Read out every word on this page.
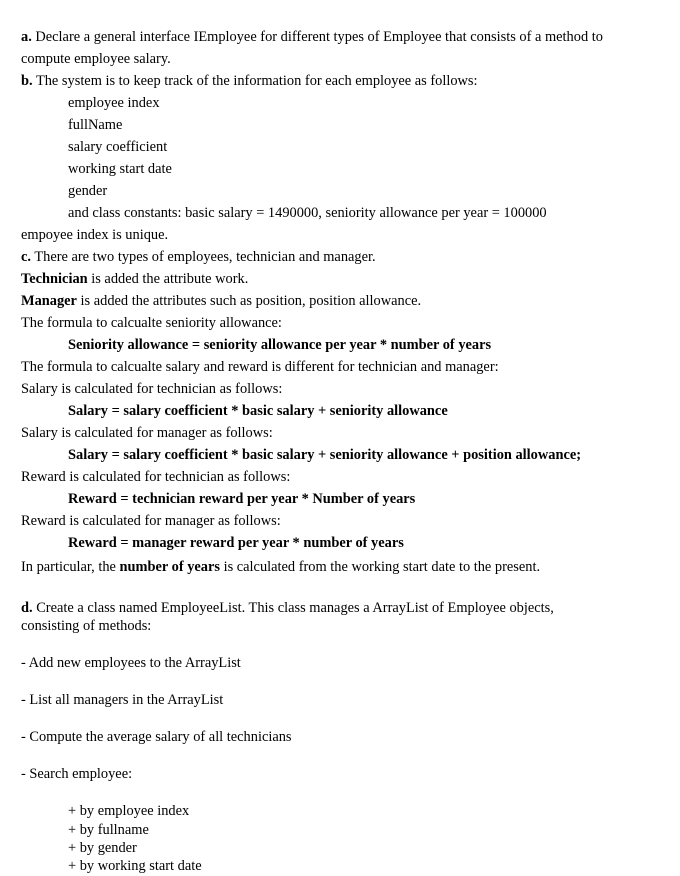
a. Declare a general interface IEmployee for different types of Employee that consists of a method to
compute employee salary.
b. The system is to keep track of the information for each employee as follows:
employee index
fullName
salary coefficient
working start date
gender
and class constants: basic salary = 1490000, seniority allowance per year = 100000
empoyee index is unique.
c. There are two types of employees, technician and manager.
Technician is added the attribute work.
Manager is added the attributes such as position, position allowance.
The formula to calcualte seniority allowance:
Seniority allowance = seniority allowance per year * number of years
The formula to calcualte salary and reward is different for technician and manager:
Salary is calculated for technician as follows:
Salary = salary coefficient * basic salary + seniority allowance
Salary is calculated for manager as follows:
Salary = salary coefficient * basic salary + seniority allowance + position allowance;
Reward is calculated for technician as follows:
Reward = technician reward per year * Number of years
Reward is calculated for manager as follows:
Reward = manager reward per year * number of years
In particular, the number of years is calculated from the working start date to the present.
d. Create a class named EmployeeList. This class manages a ArrayList of Employee objects,
consisting of methods:
- Add new employees to the ArrayList
- List all managers in the ArrayList
- Compute the average salary of all technicians
- Search employee:
+ by employee index
+ by fullname
+ by gender
+ by working start date
